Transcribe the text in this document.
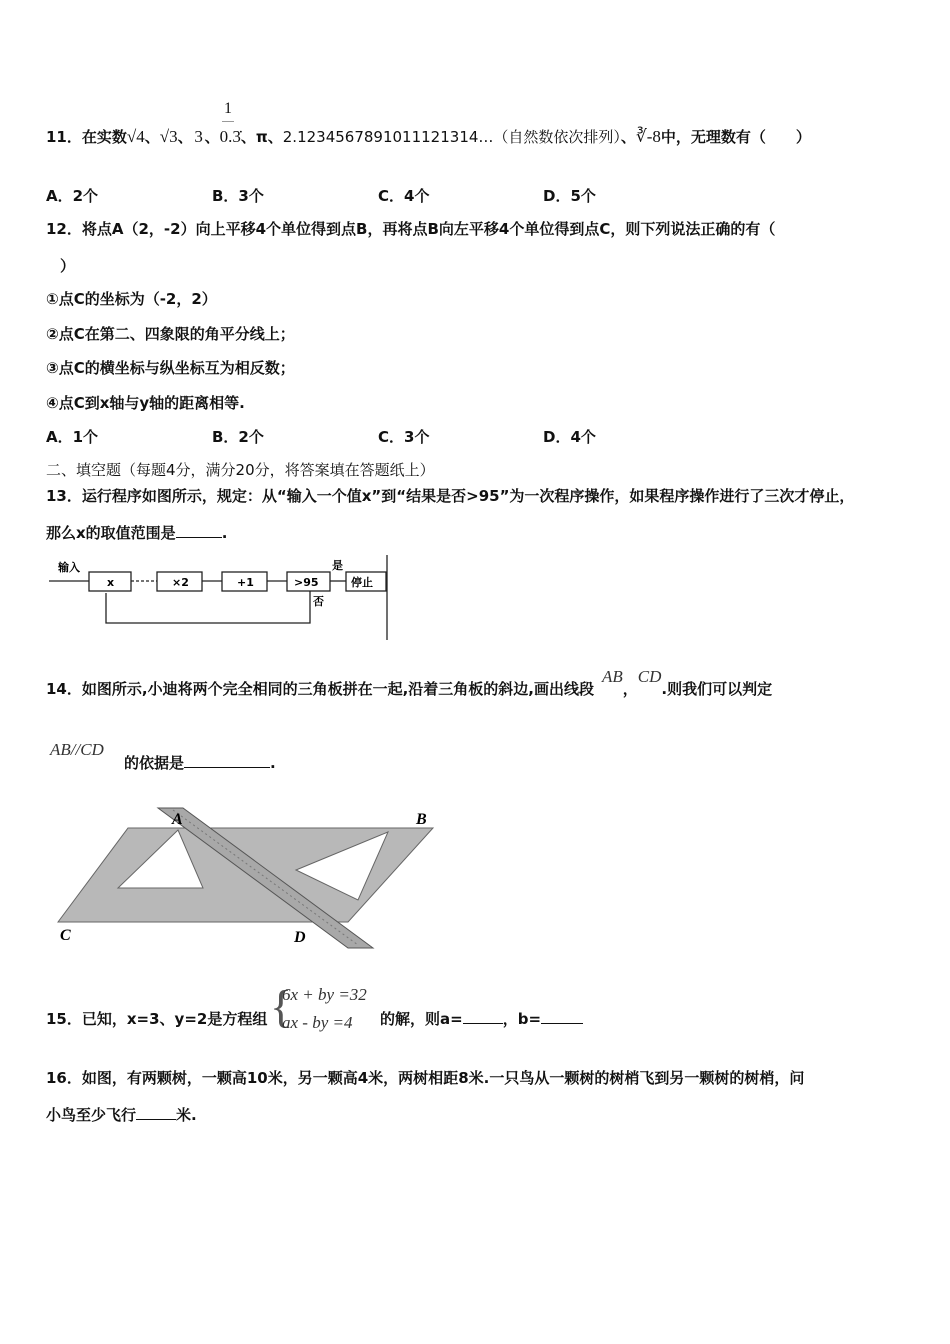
1
11．在实数√4、√3、 3 、0.3̇、π、2.1234567891011121314…（自然数依次排列）、∛-8中，无理数有（　　）
A．2个	B．3个	C．4个	D．5个
12．将点A（2，-2）向上平移4个单位得到点B，再将点B向左平移4个单位得到点C，则下列说法正确的有（
）
①点C的坐标为（-2，2）
②点C在第二、四象限的角平分线上；
③点C的横坐标与纵坐标互为相反数；
④点C到x轴与y轴的距离相等.
A．1个	B．2个	C．3个	D．4个
二、填空题（每题4分，满分20分，将答案填在答题纸上）
13．运行程序如图所示，规定：从“输入一个值x”到“结果是否>95”为一次程序操作，如果程序操作进行了三次才停止，
那么x的取值范围是	.
输入
x	×2	+1	>95
是
否
停止
14．如图所示,小迪将两个完全相同的三角板拼在一起,沿着三角板的斜边,画出线段AB，CD.则我们可以判定
AB//CD
的依据是	.
A	B
C	D
{
6x + by =32
ax - by =4
15．已知，x=3、y=2是方程组	的解，则a=	，b=
16．如图，有两颗树，一颗高10米，另一颗高4米，两树相距8米.一只鸟从一颗树的树梢飞到另一颗树的树梢，问
小鸟至少飞行	米.
